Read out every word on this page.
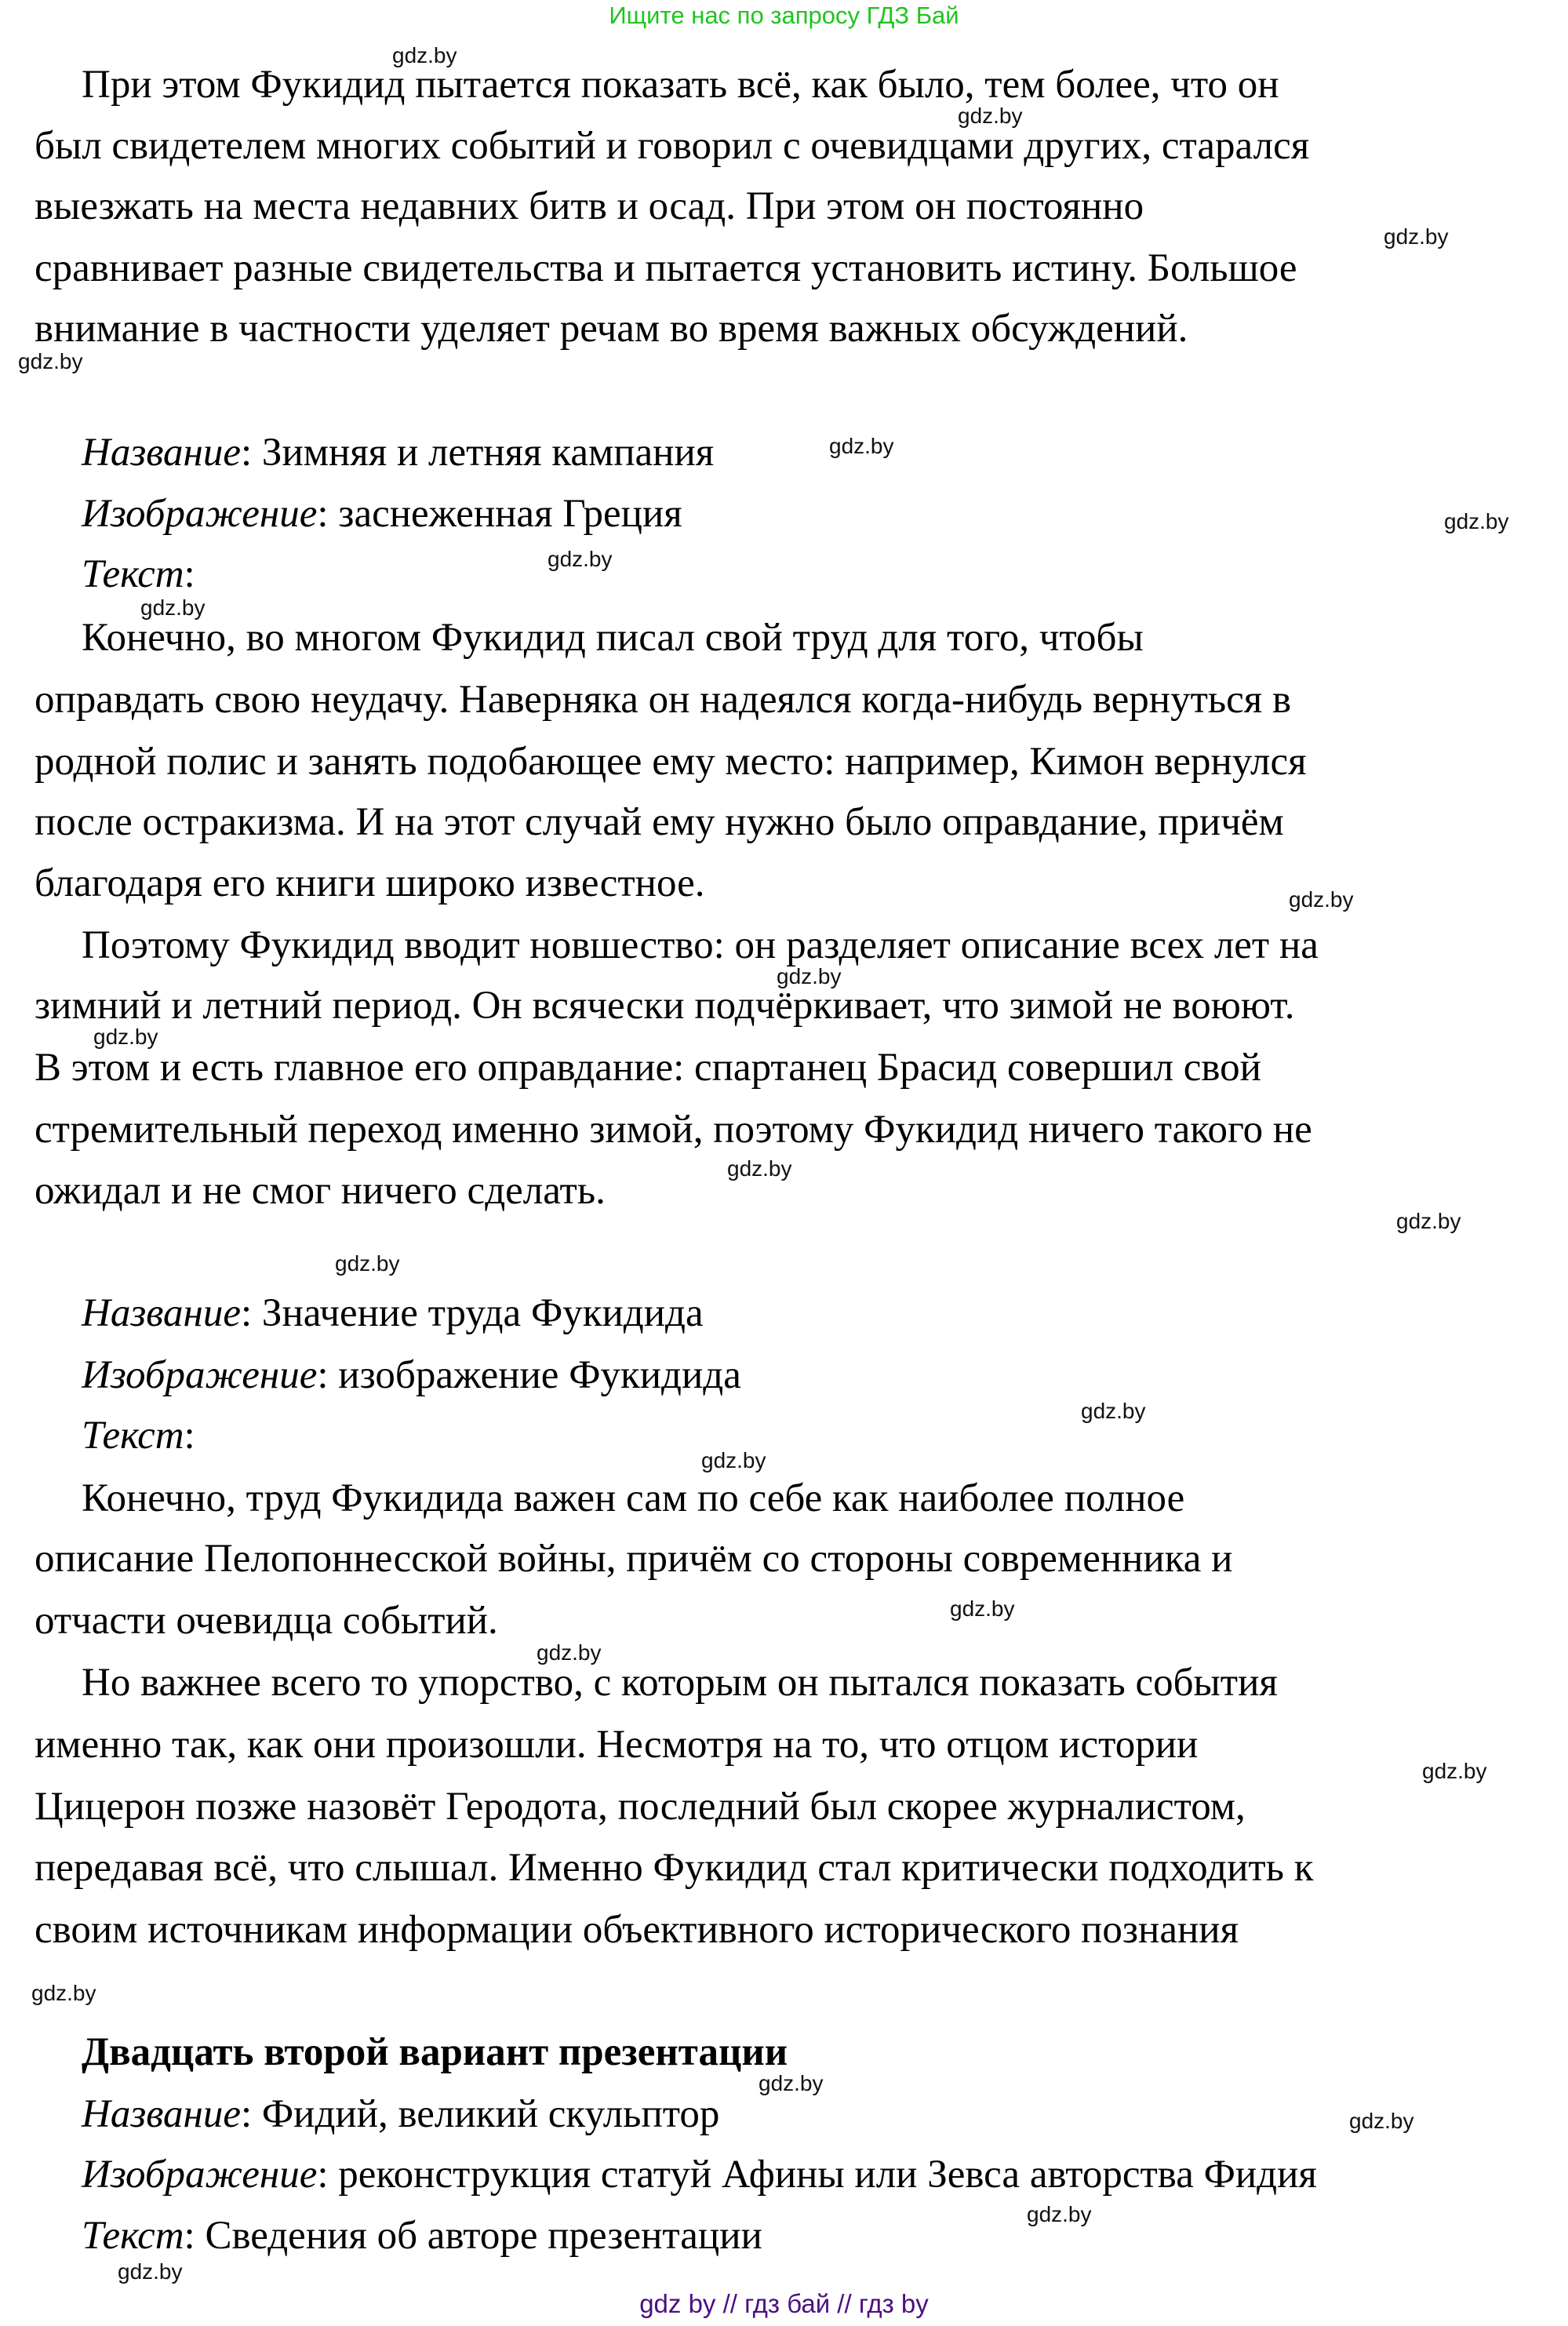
Ищите нас по запросу ГДЗ Бай
При этом Фукидид пытается показать всё, как было, тем более, что он
был свидетелем многих событий и говорил с очевидцами других, старался
выезжать на места недавних битв и осад. При этом он постоянно
сравнивает разные свидетельства и пытается установить истину. Большое
внимание в частности уделяет речам во время важных обсуждений.
Название: Зимняя и летняя кампания
Изображение: заснеженная Греция
Текст:
Конечно, во многом Фукидид писал свой труд для того, чтобы
оправдать свою неудачу. Наверняка он надеялся когда-нибудь вернуться в
родной полис и занять подобающее ему место: например, Кимон вернулся
после остракизма. И на этот случай ему нужно было оправдание, причём
благодаря его книги широко известное.
Поэтому Фукидид вводит новшество: он разделяет описание всех лет на
зимний и летний период. Он всячески подчёркивает, что зимой не воюют.
В этом и есть главное его оправдание: спартанец Брасид совершил свой
стремительный переход именно зимой, поэтому Фукидид ничего такого не
ожидал и не смог ничего сделать.
Название: Значение труда Фукидида
Изображение: изображение Фукидида
Текст:
Конечно, труд Фукидида важен сам по себе как наиболее полное
описание Пелопоннесской войны, причём со стороны современника и
отчасти очевидца событий.
Но важнее всего то упорство, с которым он пытался показать события
именно так, как они произошли. Несмотря на то, что отцом истории
Цицерон позже назовёт Геродота, последний был скорее журналистом,
передавая всё, что слышал. Именно Фукидид стал критически подходить к
своим источникам информации объективного исторического познания
Двадцать второй вариант презентации
Название: Фидий, великий скульптор
Изображение: реконструкция статуй Афины или Зевса авторства Фидия
Текст: Сведения об авторе презентации
gdz.by
gdz.by
gdz.by
gdz.by
gdz.by
gdz.by
gdz.by
gdz.by
gdz.by
gdz.by
gdz.by
gdz.by
gdz.by
gdz.by
gdz.by
gdz.by
gdz.by
gdz.by
gdz.by
gdz.by
gdz.by
gdz.by
gdz.by
gdz.by
gdz by // гдз бай // гдз by
